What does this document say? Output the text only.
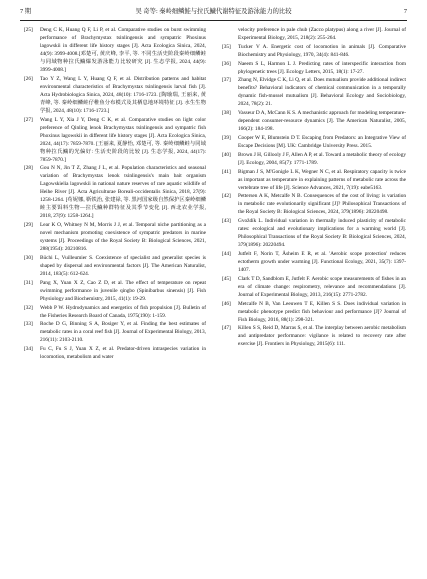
7 期	吴 奇等: 秦岭细鳞鲑与拉氏鱥代谢特征及游泳能力的比较	7
[25] Deng C K, Huang Q F, Li P, et al. Comparative studies on burst swimming performance of Brachymystax tsinlingensis and sympatric Phoxinus lagowskii in different life history stages [J]. Acta Ecologica Sinica, 2024, 44(9): 3999-4008.[邓楚可, 黄庆峰, 李平, 等. 不同生活史阶段秦岭细鳞鲑与同域物种拉氏鱥爆发游泳能力比较研究 [J]. 生态学报, 2024, 44(9): 3999-4008.]
[26] Tao Y Z, Wang L Y, Huang Q F, et al. Distribution patterns and habitat environmental characteristics of Brachymystax tsinlingensis larval fish [J]. Acta Hydrobiologica Sinica, 2024, 48(10): 1716-1723. [陶瑜瑞, 王丽来, 黄青峰, 等. 秦岭细鳞鲑仔稚鱼分布模式及其栖息地环境特征 [J]. 水生生物学报, 2024, 48(10): 1716-1723.]
[27] Wang L Y, Xia J Y, Deng C K, et al. Comparative studies on light color preference of Qinling lenok Brachymystax tsinlingensis and sympatric fish Phoxinus lagowskii in different life history stages [J]. Acta Ecologica Sinica, 2024, 44(17): 7859-7870. [王丽来, 夏静怡, 邓楚可, 等. 秦岭细鳞鲑与同域物种拉氏鱥的光偏好: 生活史阶段的比较 [J]. 生态学报, 2024, 44(17): 7859-7870.]
[28] Gou N N, Jin T Z, Zhang J L, et al. Population characteristics and seasonal variation of Brachymystax lenok tsinlingensis's main bait organism Lagowskielia lagowskii in national nature reserves of rare aquatic wildlife of Heihe River [J]. Acta Agriculturae Boreali-occidentalis Sinica, 2018, 27(9): 1258-1264. [苟妮娜, 靳铁治, 张建禄, 等. 黑河国家级自然保护区秦岭细鳞鲑主要饵料生物—拉氏鱥种群特征及其季节变化 [J]. 西北农业学报, 2018, 27(9): 1258-1264.]
[29] Lear K O, Whitney N M, Morris J J, et al. Temporal niche partitioning as a novel mechanism promoting coexistence of sympatric predators in marine systems [J]. Proceedings of the Royal Society B: Biological Sciences, 2021, 288(1954): 20210816.
[30] Büchi L, Vuilleumier S. Coexistence of specialist and generalist species is shaped by dispersal and environmental factors [J]. The American Naturalist, 2014, 183(5): 612-624.
[31] Pang X, Yuan X Z, Cao Z D, et al. The effect of temperature on repeat swimming performance in juvenile qingbo (Spinibarbus sinensis) [J]. Fish Physiology and Biochemistry, 2015, 41(1): 19-29.
[32] Webb P W. Hydrodynamics and energetics of fish propulsion [J]. Bulletin of the Fisheries Research Board of Canada, 1975(190): 1-159.
[33] Roche D G, Binning S A, Bosiger Y, et al. Finding the best estimates of metabolic rates in a coral reef fish [J]. Journal of Experimental Biology, 2013, 216(11): 2103-2110.
[34] Fu C, Fu S J, Yuan X Z, et al. Predator-driven intraspecies variation in locomotion, metabolism and water
velocity preference in pale chub (Zacco platypus) along a river [J]. Journal of Experimental Biology, 2015, 218(2): 255-264.
[35] Tucker V A. Energetic cost of locomotion in animals [J]. Comparative Biochemistry and Physiology, 1970, 34(4): 841-846.
[36] Naeem S L, Harmon L J. Predicting rates of interspecific interaction from phylogenetic trees [J]. Ecology Letters, 2015, 18(1): 17-27.
[37] Zhang N, Elvidge C K, Li Q, et al. Does mutualism provide additional indirect benefits? Behavioral indicators of chemical communication in a temporally dynamic fish-mussel mutualism [J]. Behavioral Ecology and Sociobiology, 2024, 78(2): 21.
[38] Vasseur D A, McCann K S. A mechanistic approach for modeling temperature-dependent consumer-resource dynamics [J]. The American Naturalist, 2005, 166(2): 184-198.
[39] Cooper W E, Blumstein D T. Escaping from Predators: an Integrative View of Escape Decisions [M]. UK: Cambridge University Press. 2015.
[40] Brown J H, Gillooly J F, Allen A P, et al. Toward a metabolic theory of ecology [J]. Ecology, 2004, 85(7): 1771-1789.
[41] Bigman J S, M'Gonigle L K, Wegner N C, et al. Respiratory capacity is twice as important as temperature in explaining patterns of metabolic rate across the vertebrate tree of life [J]. Science Advances, 2021, 7(19): eabe5163.
[42] Pettersen A K, Metcalfe N B. Consequences of the cost of living: is variation in metabolic rate evolutionarily significant [J]? Philosophical Transactions of the Royal Society B: Biological Sciences, 2024, 379(1896): 20220498.
[43] Gvoždík L. Individual variation in thermally induced plasticity of metabolic rates: ecological and evolutionary implications for a warming world [J]. Philosophical Transactions of the Royal Society B: Biological Sciences, 2024, 379(1896): 20220494.
[44] Jutfelt F, Norin T, Åsheim E R, et al. 'Aerobic scope protection' reduces ectotherm growth under warming [J]. Functional Ecology, 2021, 35(7): 1397-1407.
[45] Clark T D, Sandblom E, Jutfelt F. Aerobic scope measurements of fishes in an era of climate change: respirometry, relevance and recommendations [J]. Journal of Experimental Biology, 2013, 216(15): 2771-2782.
[46] Metcalfe N B, Van Leeuwen T E, Killen S S. Does individual variation in metabolic phenotype predict fish behaviour and performance [J]? Journal of Fish Biology, 2016, 88(1): 298-321.
[47] Killen S S, Reid D, Marras S, et al. The interplay between aerobic metabolism and antipredator performance: vigilance is related to recovery rate after exercise [J]. Frontiers in Physiology, 2015(6): 111.
